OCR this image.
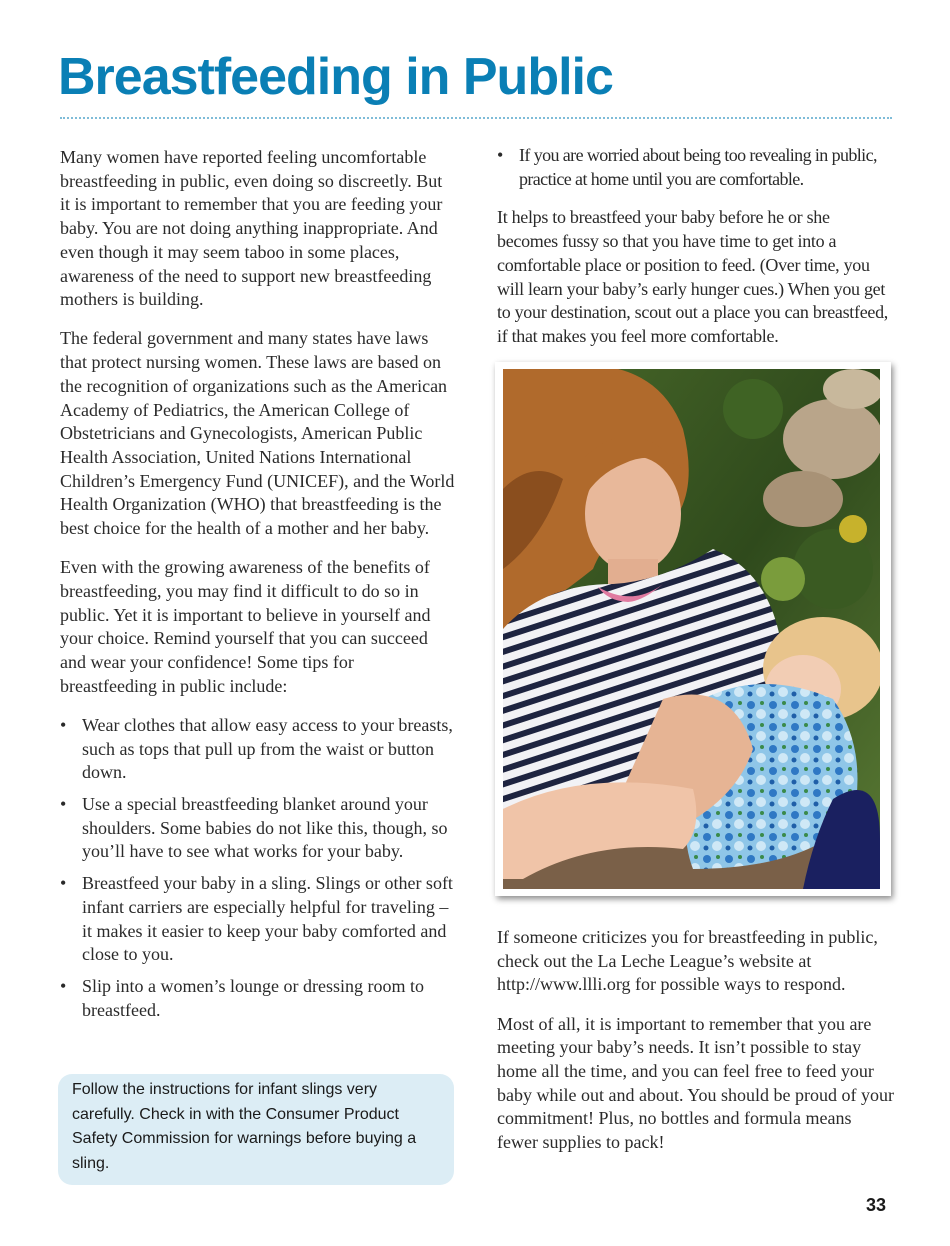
Breastfeeding in Public

Many women have reported feeling uncomfortable breastfeeding in public, even doing so discreetly. But it is important to remember that you are feeding your baby. You are not doing anything inappropriate. And even though it may seem taboo in some places, awareness of the need to support new breastfeeding mothers is building.

The federal government and many states have laws that protect nursing women. These laws are based on the recognition of organizations such as the American Academy of Pediatrics, the American College of Obstetricians and Gynecologists, American Public Health Association, United Nations International Children’s Emergency Fund (UNICEF), and the World Health Organization (WHO) that breastfeeding is the best choice for the health of a mother and her baby.

Even with the growing awareness of the benefits of breastfeeding, you may find it difficult to do so in public. Yet it is important to believe in yourself and your choice. Remind yourself that you can succeed and wear your confidence! Some tips for breastfeeding in public include:

• Wear clothes that allow easy access to your breasts, such as tops that pull up from the waist or button down.
• Use a special breastfeeding blanket around your shoulders. Some babies do not like this, though, so you’ll have to see what works for your baby.
• Breastfeed your baby in a sling. Slings or other soft infant carriers are especially helpful for traveling – it makes it easier to keep your baby comforted and close to you.
• Slip into a women’s lounge or dressing room to breastfeed.
Follow the instructions for infant slings very carefully. Check in with the Consumer Product Safety Commission for warnings before buying a sling.
• If you are worried about being too revealing in public, practice at home until you are comfortable.

It helps to breastfeed your baby before he or she becomes fussy so that you have time to get into a comfortable place or position to feed. (Over time, you will learn your baby’s early hunger cues.) When you get to your destination, scout out a place you can breastfeed, if that makes you feel more comfortable.

If someone criticizes you for breastfeeding in public, check out the La Leche League’s website at http://www.llli.org for possible ways to respond.

Most of all, it is important to remember that you are meeting your baby’s needs. It isn’t possible to stay home all the time, and you can feel free to feed your baby while out and about. You should be proud of your commitment! Plus, no bottles and formula means fewer supplies to pack!

33
